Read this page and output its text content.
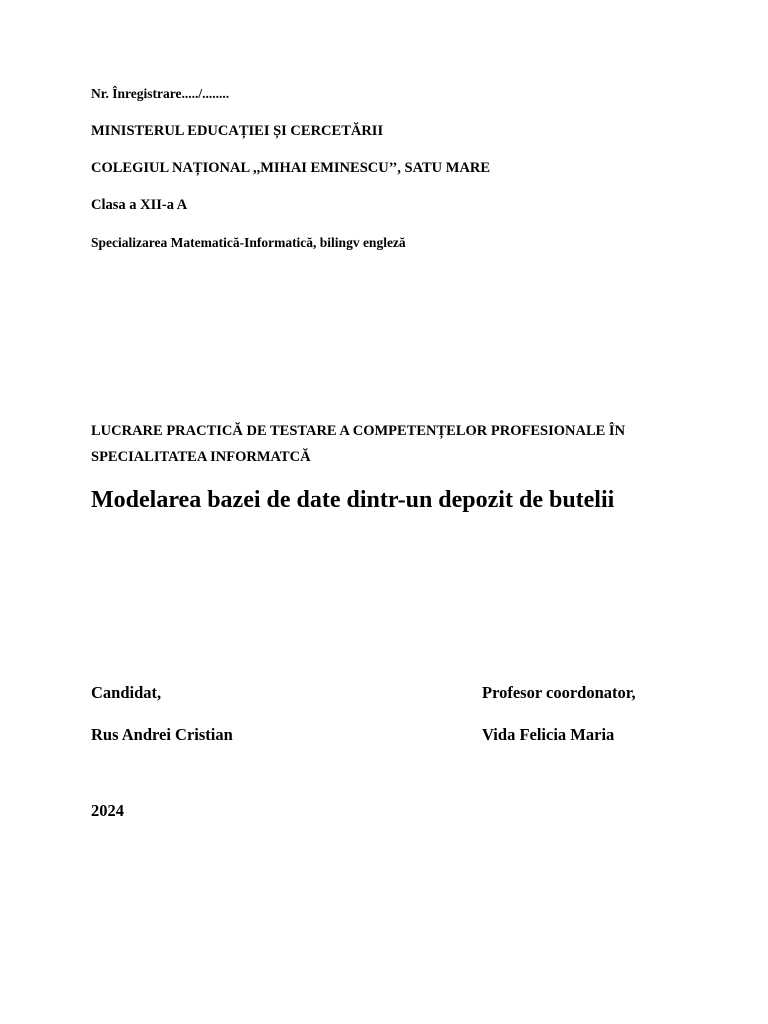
Nr. Înregistrare...../........

MINISTERUL EDUCAȚIEI ȘI CERCETĂRII

COLEGIUL NAȚIONAL ,,MIHAI EMINESCU’’, SATU MARE

Clasa a XII-a A

Specializarea Matematică-Informatică, bilingv engleză

LUCRARE PRACTICĂ DE TESTARE A COMPETENȚELOR PROFESIONALE ÎN

SPECIALITATEA INFORMATCĂ

Modelarea bazei de date dintr-un depozit de butelii

Candidat,	Profesor coordonator,

Rus Andrei Cristian	Vida Felicia Maria

2024
